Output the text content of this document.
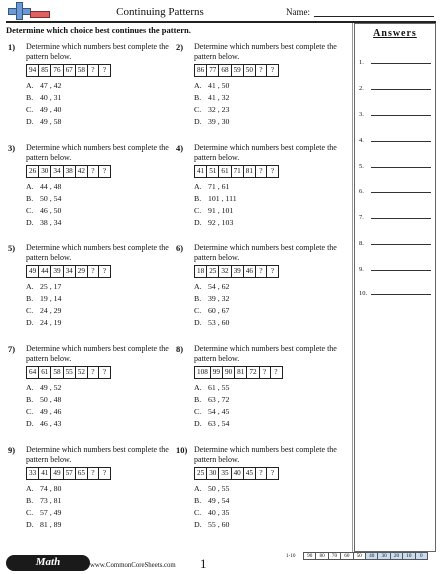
Continuing Patterns	Name:
Determine which choice best continues the pattern.	Answers
1.
2.
3.
4.
5.
6.
7.
8.
9.
10.
1) Determine which numbers best complete the pattern below.
94 85 76 67 58 ?	?
A. 47 , 42
B. 40 , 31
C. 49 , 40
D. 49 , 58
2) Determine which numbers best complete the pattern below.
86 77 68 59 50 ?	?
A. 41 , 50
B. 41 , 32
C. 32 , 23
D. 39 , 30
3) Determine which numbers best complete the pattern below.
26 30 34 38 42 ?	?
A. 44 , 48
B. 50 , 54
C. 46 , 50
D. 38 , 34
4) Determine which numbers best complete the pattern below.
41 51 61 71 81 ?	?
A. 71 , 61
B. 101 , 111
C. 91 , 101
D. 92 , 103
5) Determine which numbers best complete the pattern below.
49 44 39 34 29 ?	?
A. 25 , 17
B. 19 , 14
C. 24 , 29
D. 24 , 19
6) Determine which numbers best complete the pattern below.
18 25 32 39 46 ?	?
A. 54 , 62
B. 39 , 32
C. 60 , 67
D. 53 , 60
7) Determine which numbers best complete the pattern below.
64 61 58 55 52 ?	?
A. 49 , 52
B. 50 , 48
C. 49 , 46
D. 46 , 43
8) Determine which numbers best complete the pattern below.
108 99 90 81 72 ?	?
A. 61 , 55
B. 63 , 72
C. 54 , 45
D. 63 , 54
9) Determine which numbers best complete the pattern below.
33 41 49 57 65 ?	?
A. 74 , 80
B. 73 , 81
C. 57 , 49
D. 81 , 89
10) Determine which numbers best complete the pattern below.
25 30 35 40 45 ?	?
A. 50 , 55
B. 49 , 54
C. 40 , 35
D. 55 , 60
Math	www.CommonCoreSheets.com 1	1-10	90	80	70	60	50	40	30	20	10	0
